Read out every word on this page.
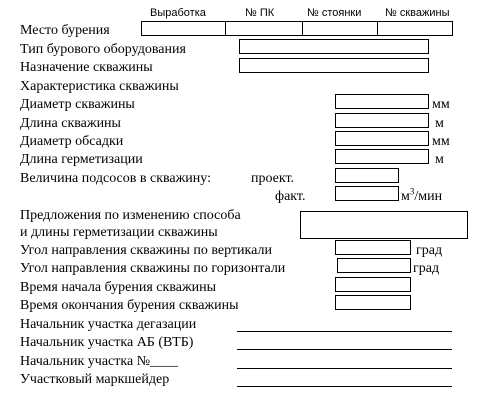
Выработка	№ ПК	№ стоянки № скважины
Место бурения
Тип бурового оборудования
Назначение скважины
Характеристика скважины
Диаметр скважины	мм
Длина скважины	м
Диаметр обсадки	мм
Длина герметизации	м
Величина подсосов в скважину:	проект.
факт.	$м^3$/мин
Предложения по изменению способа
и длины герметизации скважины
Угол направления скважины по вертикали	град
Угол направления скважины по горизонтали	град
Время начала бурения скважины
Время окончания бурения скважины
Начальник участка дегазации
Начальник участка АБ (ВТБ)
Начальник участка №____
Участковый маркшейдер
